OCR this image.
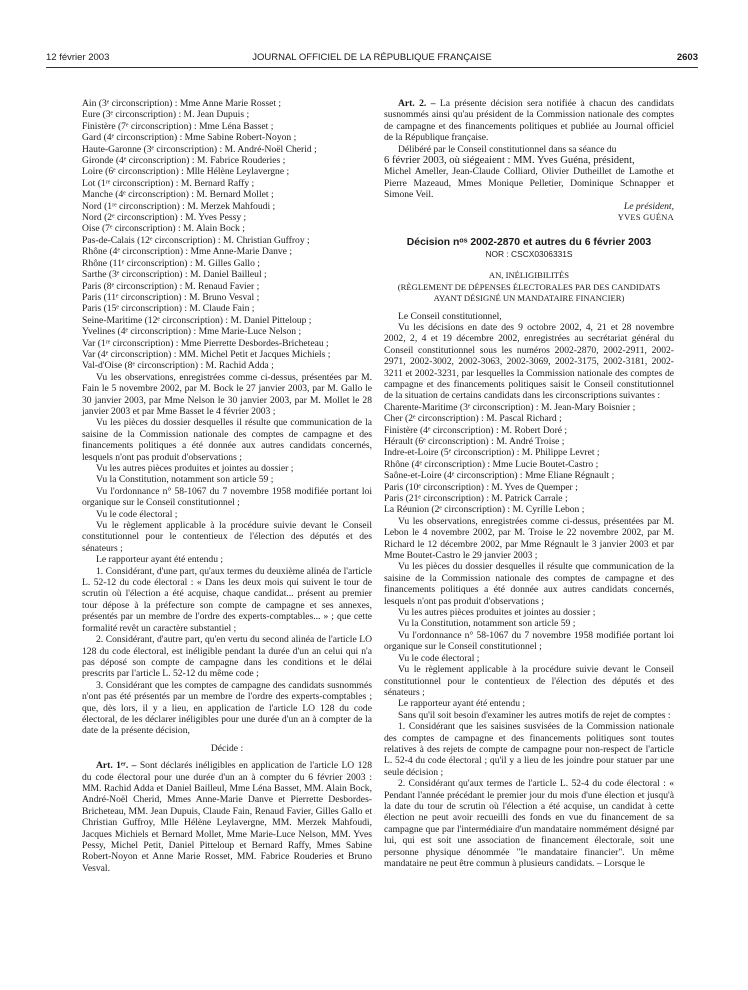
12 février 2003	JOURNAL OFFICIEL DE LA RÉPUBLIQUE FRANÇAISE	2603

Ain (3ᵉ circonscription) : Mme Anne Marie Rosset ;

Eure (3ᵉ circonscription) : M. Jean Dupuis ;

Finistère (7ᵉ circonscription) : Mme Léna Basset ;

Gard (4ᵉ circonscription) : Mme Sabine Robert-Noyon ;

Haute-Garonne (3ᵉ circonscription) : M. André-Noël Cherid ;

Gironde (4ᵉ circonscription) : M. Fabrice Rouderies ;

Loire (6ᵉ circonscription) : Mlle Hélène Leylavergne ;

Lot (1ʳᵉ circonscription) : M. Bernard Raffy ;

Manche (4ᵉ circonscription) : M. Bernard Mollet ;

Nord (1ʳᵉ circonscription) : M. Merzek Mahfoudi ;

Nord (2ᵉ circonscription) : M. Yves Pessy ;

Oise (7ᵉ circonscription) : M. Alain Bock ;

Pas-de-Calais (12ᵉ circonscription) : M. Christian Guffroy ;

Rhône (4ᵉ circonscription) : Mme Anne-Marie Danve ;

Rhône (11ᵉ circonscription) : M. Gilles Gallo ;

Sarthe (3ᵉ circonscription) : M. Daniel Bailleul ;

Paris (8ᵉ circonscription) : M. Renaud Favier ;

Paris (11ᵉ circonscription) : M. Bruno Vesval ;

Paris (15ᵉ circonscription) : M. Claude Fain ;

Seine-Maritime (12ᵉ circonscription) : M. Daniel Pitteloup ;

Yvelines (4ᵉ circonscription) : Mme Marie-Luce Nelson ;

Var (1ʳᵉ circonscription) : Mme Pierrette Desbordes-Bricheteau ;

Var (4ᵉ circonscription) : MM. Michel Petit et Jacques Michiels ;

Val-d'Oise (8ᵉ circonscription) : M. Rachid Adda ;

Vu les observations, enregistrées comme ci-dessus, présentées par M. Fain le 5 novembre 2002, par M. Bock le 27 janvier 2003, par M. Gallo le 30 janvier 2003, par Mme Nelson le 30 janvier 2003, par M. Mollet le 28 janvier 2003 et par Mme Basset le 4 février 2003 ;

Vu les pièces du dossier desquelles il résulte que communication de la saisine de la Commission nationale des comptes de campagne et des financements politiques a été donnée aux autres candidats concernés, lesquels n'ont pas produit d'observations ;

Vu les autres pièces produites et jointes au dossier ;

Vu la Constitution, notamment son article 59 ;

Vu l'ordonnance n° 58-1067 du 7 novembre 1958 modifiée portant loi organique sur le Conseil constitutionnel ;

Vu le code électoral ;

Vu le règlement applicable à la procédure suivie devant le Conseil constitutionnel pour le contentieux de l'élection des députés et des sénateurs ;

Le rapporteur ayant été entendu ;

1. Considérant, d'une part, qu'aux termes du deuxième alinéa de l'article L. 52-12 du code électoral : « Dans les deux mois qui suivent le tour de scrutin où l'élection a été acquise, chaque candidat... présent au premier tour dépose à la préfecture son compte de campagne et ses annexes, présentés par un membre de l'ordre des experts-comptables... » ; que cette formalité revêt un caractère substantiel ;

2. Considérant, d'autre part, qu'en vertu du second alinéa de l'article LO 128 du code électoral, est inéligible pendant la durée d'un an celui qui n'a pas déposé son compte de campagne dans les conditions et le délai prescrits par l'article L. 52-12 du même code ;

3. Considérant que les comptes de campagne des candidats susnommés n'ont pas été présentés par un membre de l'ordre des experts-comptables ; que, dès lors, il y a lieu, en application de l'article LO 128 du code électoral, de les déclarer inéligibles pour une durée d'un an à compter de la date de la présente décision,

Décide :

Art. 1ᵉʳ. – Sont déclarés inéligibles en application de l'article LO 128 du code électoral pour une durée d'un an à compter du 6 février 2003 : MM. Rachid Adda et Daniel Bailleul, Mme Léna Basset, MM. Alain Bock, André-Noël Cherid, Mmes Anne-Marie Danve et Pierrette Desbordes-Bricheteau, MM. Jean Dupuis, Claude Fain, Renaud Favier, Gilles Gallo et Christian Guffroy, Mlle Hélène Leylavergne, MM. Merzek Mahfoudi, Jacques Michiels et Bernard Mollet, Mme Marie-Luce Nelson, MM. Yves Pessy, Michel Petit, Daniel Pitteloup et Bernard Raffy, Mmes Sabine Robert-Noyon et Anne Marie Rosset, MM. Fabrice Rouderies et Bruno Vesval.

Art. 2. – La présente décision sera notifiée à chacun des candidats susnommés ainsi qu'au président de la Commission nationale des comptes de campagne et des financements politiques et publiée au Journal officiel de la République française.

Délibéré par le Conseil constitutionnel dans sa séance du

6 février 2003, où siégeaient : MM. Yves Guéna, président,

Michel Ameller, Jean-Claude Colliard, Olivier Dutheillet de Lamothe et Pierre Mazeaud, Mmes Monique Pelletier, Dominique Schnapper et Simone Veil.

Le président,

YVES GUÉNA

Décision nᵒˢ 2002-2870 et autres du 6 février 2003

NOR : CSCX0306331S

AN, INÉLIGIBILITÉS

(RÈGLEMENT DE DÉPENSES ÉLECTORALES PAR DES CANDIDATS AYANT DÉSIGNÉ UN MANDATAIRE FINANCIER)

Le Conseil constitutionnel,

Vu les décisions en date des 9 octobre 2002, 4, 21 et 28 novembre 2002, 2, 4 et 19 décembre 2002, enregistrées au secrétariat général du Conseil constitutionnel sous les numéros 2002-2870, 2002-2911, 2002-2971, 2002-3002, 2002-3063, 2002-3069, 2002-3175, 2002-3181, 2002-3211 et 2002-3231, par lesquelles la Commission nationale des comptes de campagne et des financements politiques saisit le Conseil constitutionnel de la situation de certains candidats dans les circonscriptions suivantes :

Charente-Maritime (3ᵉ circonscription) : M. Jean-Mary Boisnier ;

Cher (2ᵉ circonscription) : M. Pascal Richard ;

Finistère (4ᵉ circonscription) : M. Robert Doré ;

Hérault (6ᵉ circonscription) : M. André Troise ;

Indre-et-Loire (5ᵉ circonscription) : M. Philippe Levret ;

Rhône (4ᵉ circonscription) : Mme Lucie Boutet-Castro ;

Saône-et-Loire (4ᵉ circonscription) : Mme Eliane Régnault ;

Paris (10ᵉ circonscription) : M. Yves de Quemper ;

Paris (21ᵉ circonscription) : M. Patrick Carrale ;

La Réunion (2ᵉ circonscription) : M. Cyrille Lebon ;

Vu les observations, enregistrées comme ci-dessus, présentées par M. Lebon le 4 novembre 2002, par M. Troise le 22 novembre 2002, par M. Richard le 12 décembre 2002, par Mme Régnault le 3 janvier 2003 et par Mme Boutet-Castro le 29 janvier 2003 ;

Vu les pièces du dossier desquelles il résulte que communication de la saisine de la Commission nationale des comptes de campagne et des financements politiques a été donnée aux autres candidats concernés, lesquels n'ont pas produit d'observations ;

Vu les autres pièces produites et jointes au dossier ;

Vu la Constitution, notamment son article 59 ;

Vu l'ordonnance n° 58-1067 du 7 novembre 1958 modifiée portant loi organique sur le Conseil constitutionnel ;

Vu le code électoral ;

Vu le règlement applicable à la procédure suivie devant le Conseil constitutionnel pour le contentieux de l'élection des députés et des sénateurs ;

Le rapporteur ayant été entendu ;

Sans qu'il soit besoin d'examiner les autres motifs de rejet de comptes :

1. Considérant que les saisines susvisées de la Commission nationale des comptes de campagne et des financements politiques sont toutes relatives à des rejets de compte de campagne pour non-respect de l'article L. 52-4 du code électoral ; qu'il y a lieu de les joindre pour statuer par une seule décision ;

2. Considérant qu'aux termes de l'article L. 52-4 du code électoral : « Pendant l'année précédant le premier jour du mois d'une élection et jusqu'à la date du tour de scrutin où l'élection a été acquise, un candidat à cette élection ne peut avoir recueilli des fonds en vue du financement de sa campagne que par l'intermédiaire d'un mandataire nommément désigné par lui, qui est soit une association de financement électorale, soit une personne physique dénommée "le mandataire financier". Un même mandataire ne peut être commun à plusieurs candidats. – Lorsque le
